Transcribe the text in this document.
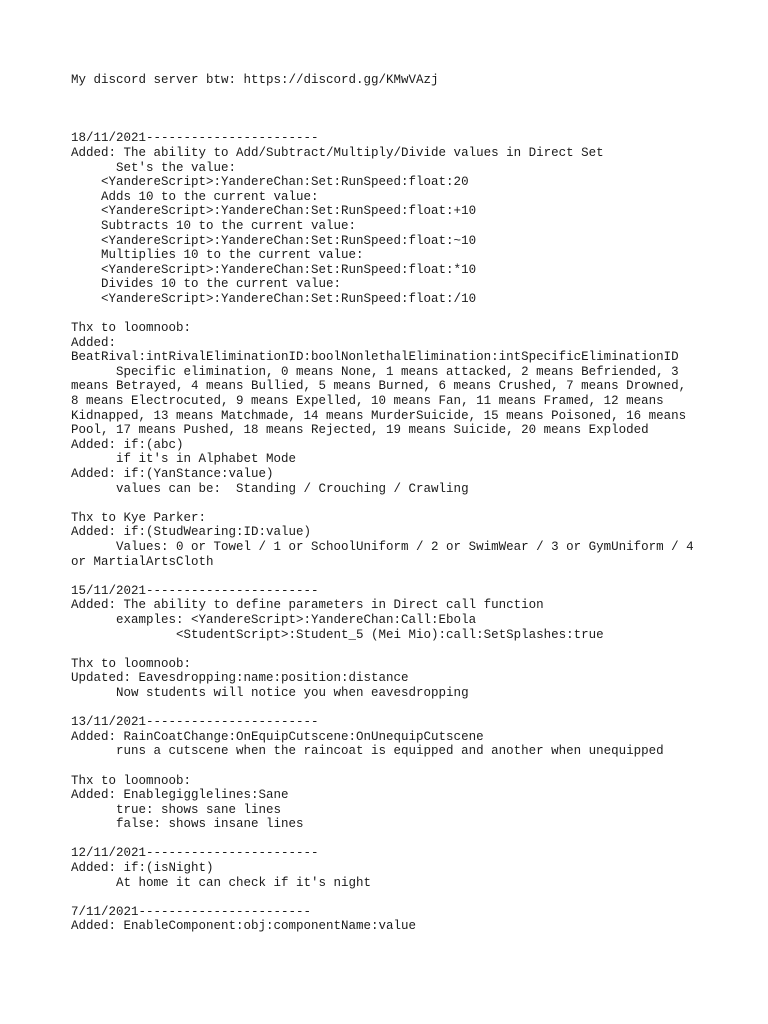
My discord server btw: https://discord.gg/KMwVAzj
18/11/2021-----------------------
Added: The ability to Add/Subtract/Multiply/Divide values in Direct Set
Set's the value:
<YandereScript>:YandereChan:Set:RunSpeed:float:20
Adds 10 to the current value:
<YandereScript>:YandereChan:Set:RunSpeed:float:+10
Subtracts 10 to the current value:
<YandereScript>:YandereChan:Set:RunSpeed:float:~10
Multiplies 10 to the current value:
<YandereScript>:YandereChan:Set:RunSpeed:float:*10
Divides 10 to the current value:
<YandereScript>:YandereChan:Set:RunSpeed:float:/10
Thx to loomnoob:
Added:
BeatRival:intRivalEliminationID:boolNonlethalElimination:intSpecificEliminationID
Specific elimination, 0 means None, 1 means attacked, 2 means Befriended, 3
means Betrayed, 4 means Bullied, 5 means Burned, 6 means Crushed, 7 means Drowned,
8 means Electrocuted, 9 means Expelled, 10 means Fan, 11 means Framed, 12 means
Kidnapped, 13 means Matchmade, 14 means MurderSuicide, 15 means Poisoned, 16 means
Pool, 17 means Pushed, 18 means Rejected, 19 means Suicide, 20 means Exploded
Added: if:(abc)
if it's in Alphabet Mode
Added: if:(YanStance:value)
values can be:  Standing / Crouching / Crawling
Thx to Kye Parker:
Added: if:(StudWearing:ID:value)
Values: 0 or Towel / 1 or SchoolUniform / 2 or SwimWear / 3 or GymUniform / 4
or MartialArtsCloth
15/11/2021-----------------------
Added: The ability to define parameters in Direct call function
examples: <YandereScript>:YandereChan:Call:Ebola
<StudentScript>:Student_5 (Mei Mio):call:SetSplashes:true
Thx to loomnoob:
Updated: Eavesdropping:name:position:distance
Now students will notice you when eavesdropping
13/11/2021-----------------------
Added: RainCoatChange:OnEquipCutscene:OnUnequipCutscene
runs a cutscene when the raincoat is equipped and another when unequipped
Thx to loomnoob:
Added: Enablegigglelines:Sane
true: shows sane lines
false: shows insane lines
12/11/2021-----------------------
Added: if:(isNight)
At home it can check if it's night
7/11/2021-----------------------
Added: EnableComponent:obj:componentName:value
